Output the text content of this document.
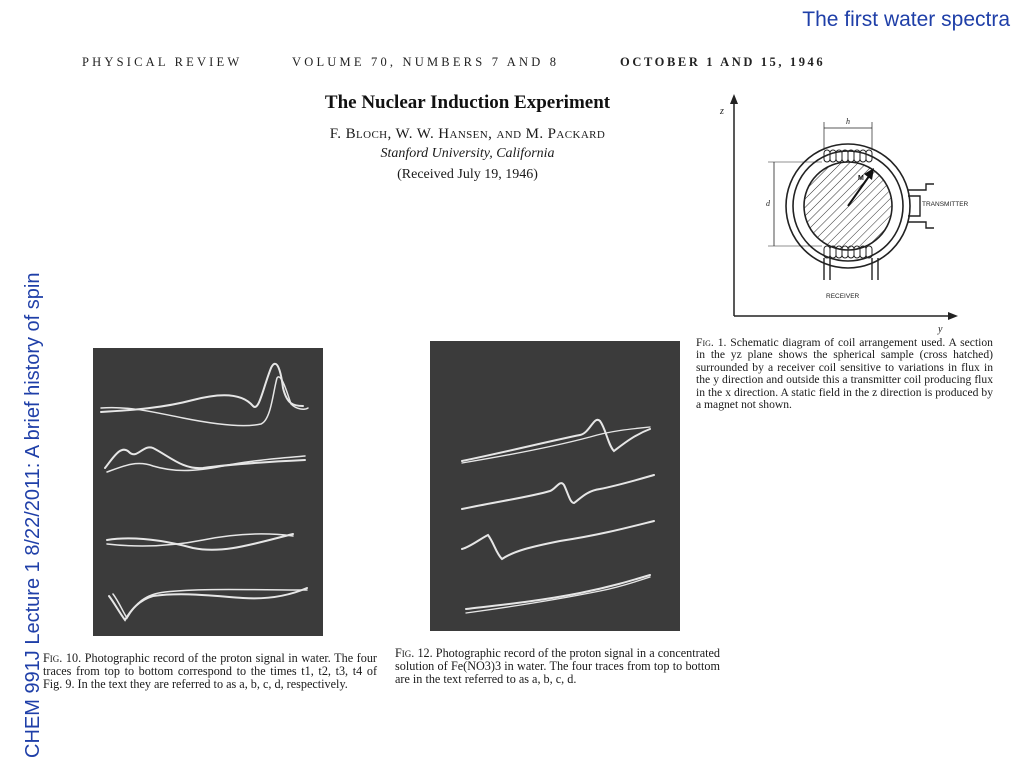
The first water spectra
CHEM 991J Lecture 1 8/22/2011: A brief history of spin
PHYSICAL REVIEW	VOLUME 70, NUMBERS 7 AND 8	OCTOBER 1 AND 15, 1946
The Nuclear Induction Experiment
F. Bloch, W. W. Hansen, and M. Packard
Stanford University, California
(Received July 19, 1946)
z
y
TRANSMITTER
RECEIVER
M
h
d
Fig. 1. Schematic diagram of coil arrangement used. A section in the yz plane shows the spherical sample (cross hatched) surrounded by a receiver coil sensitive to variations in flux in the y direction and outside this a transmitter coil producing flux in the x direction. A static field in the z direction is produced by a magnet not shown.
Fig. 10. Photographic record of the proton signal in water. The four traces from top to bottom correspond to the times t1, t2, t3, t4 of Fig. 9. In the text they are referred to as a, b, c, d, respectively.
Fig. 12. Photographic record of the proton signal in a concentrated solution of Fe(NO3)3 in water. The four traces from top to bottom are in the text referred to as a, b, c, d.
